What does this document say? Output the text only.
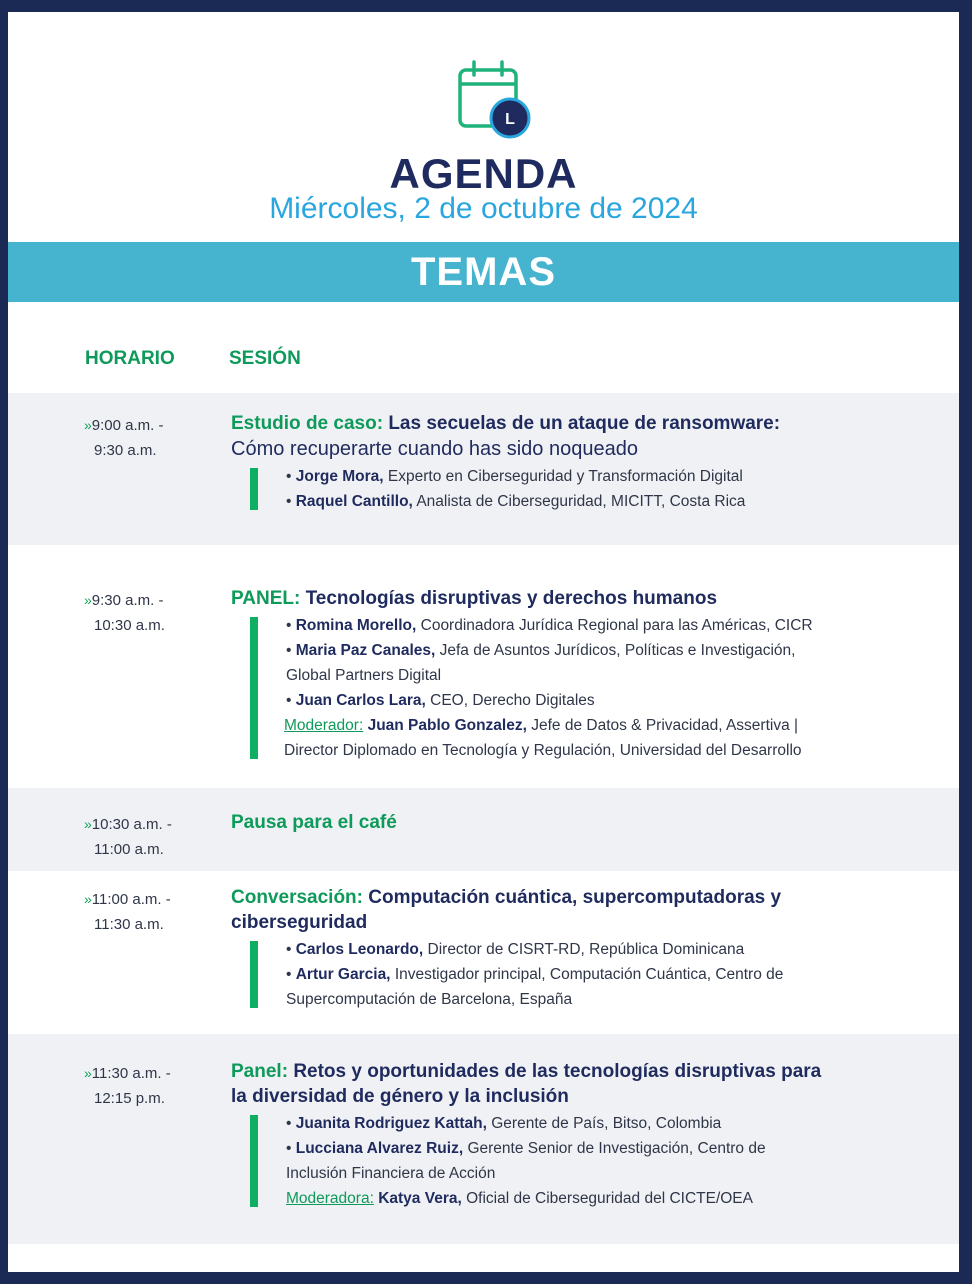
L
AGENDA
Miércoles, 2 de octubre de 2024
TEMAS
HORARIO	SESIÓN
»9:00 a.m. -
9:30 a.m.
Estudio de caso: Las secuelas de un ataque de ransomware:
Cómo recuperarte cuando has sido noqueado
• Jorge Mora, Experto en Ciberseguridad y Transformación Digital
• Raquel Cantillo, Analista de Ciberseguridad, MICITT, Costa Rica
»9:30 a.m. -
10:30 a.m.
PANEL: Tecnologías disruptivas y derechos humanos
• Romina Morello, Coordinadora Jurídica Regional para las Américas, CICR
• Maria Paz Canales, Jefa de Asuntos Jurídicos, Políticas e Investigación,
Global Partners Digital
• Juan Carlos Lara, CEO, Derecho Digitales
Moderador: Juan Pablo Gonzalez, Jefe de Datos & Privacidad, Assertiva |
Director Diplomado en Tecnología y Regulación, Universidad del Desarrollo
»10:30 a.m. -
11:00 a.m.
Pausa para el café
»11:00 a.m. -
11:30 a.m.
Conversación: Computación cuántica, supercomputadoras y
ciberseguridad
• Carlos Leonardo, Director de CISRT-RD, República Dominicana
• Artur Garcia, Investigador principal, Computación Cuántica, Centro de
Supercomputación de Barcelona, España
»11:30 a.m. -
12:15 p.m.
Panel: Retos y oportunidades de las tecnologías disruptivas para
la diversidad de género y la inclusión
• Juanita Rodriguez Kattah, Gerente de País, Bitso, Colombia
• Lucciana Alvarez Ruiz, Gerente Senior de Investigación, Centro de
Inclusión Financiera de Acción
Moderadora: Katya Vera, Oficial de Ciberseguridad del CICTE/OEA
